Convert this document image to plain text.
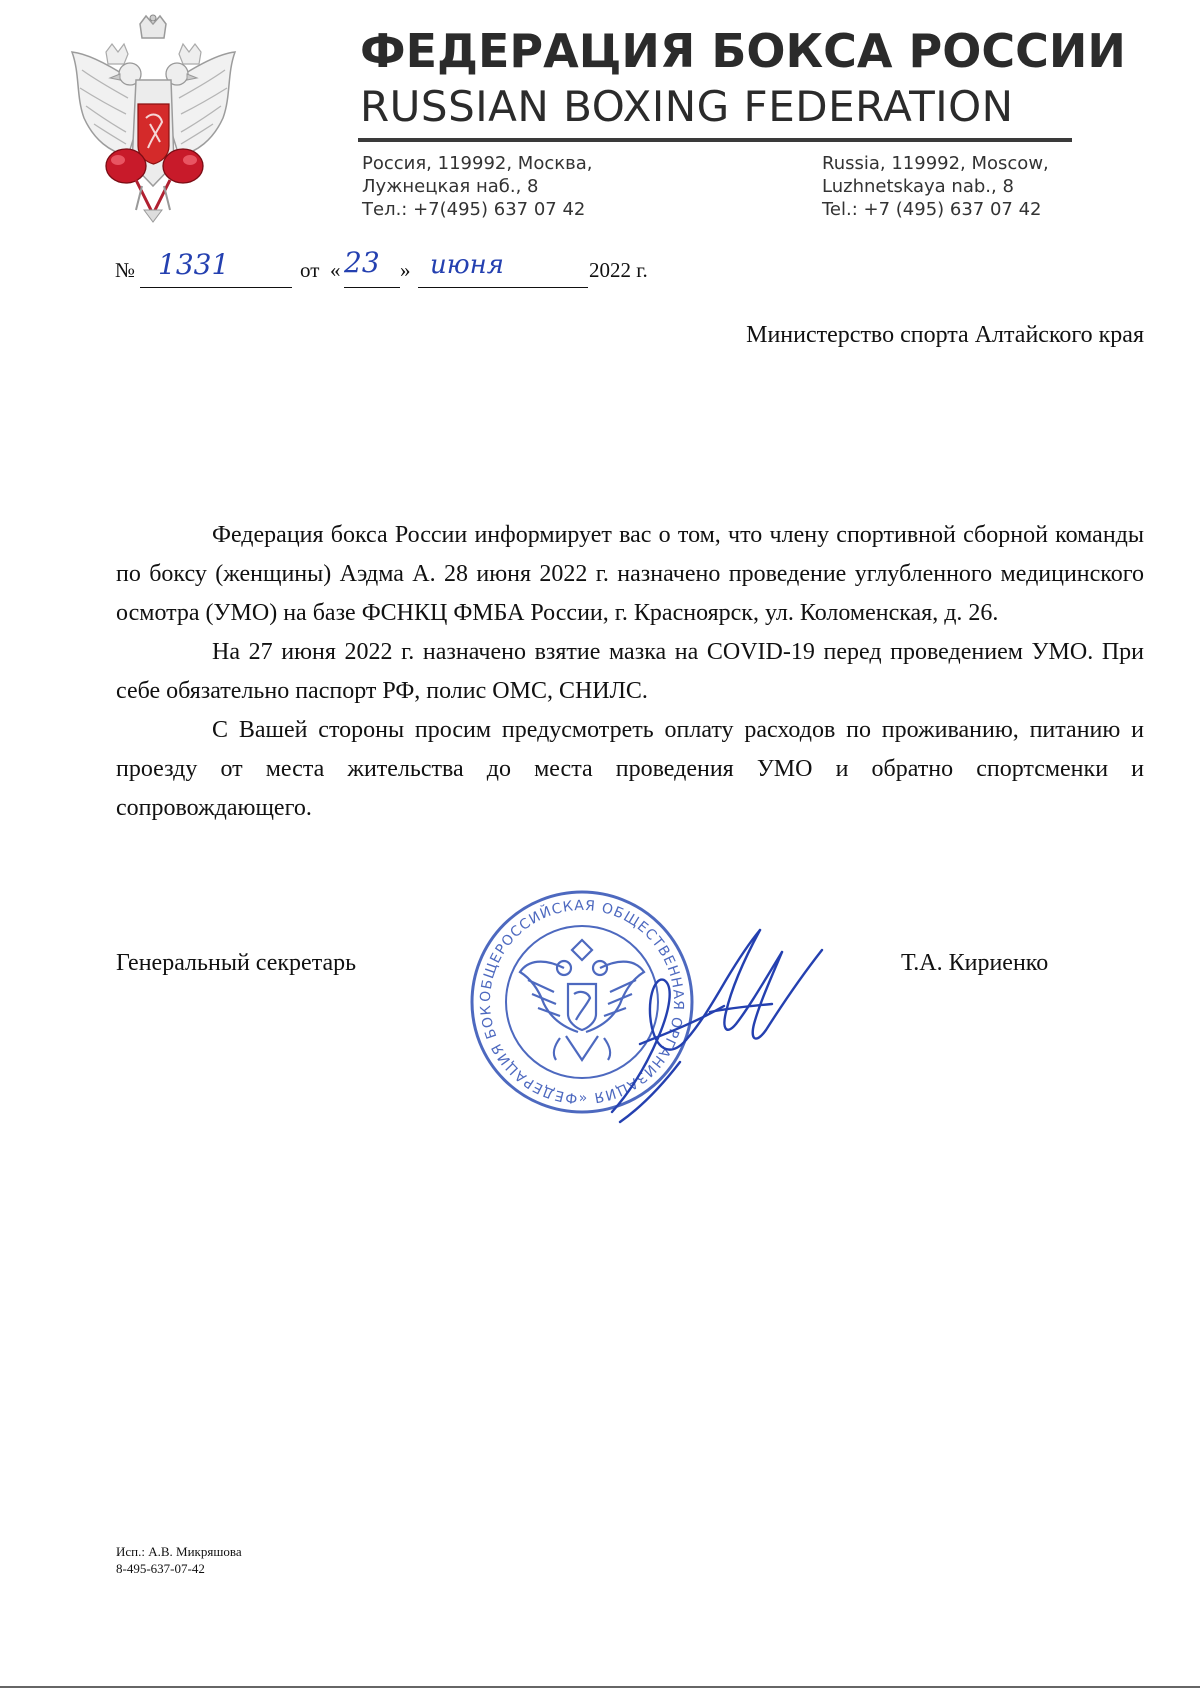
ФЕДЕРАЦИЯ БОКСА РОССИИ
RUSSIAN BOXING FEDERATION
Россия, 119992, Москва,
Лужнецкая наб., 8
Тел.: +7(495) 637 07 42
Russia, 119992, Moscow,
Luzhnetskaya nab., 8
Tel.: +7 (495) 637 07 42
№ 1331	от « 23 » июня	2022 г.
Министерство спорта Алтайского края

Федерация бокса России информирует вас о том, что члену спортивной сборной команды по боксу (женщины) Аэдма А. 28 июня 2022 г. назначено проведение углубленного медицинского осмотра (УМО) на базе ФСНКЦ ФМБА России, г. Красноярск, ул. Коломенская, д. 26.

На 27 июня 2022 г. назначено взятие мазка на COVID-19 перед проведением УМО. При себе обязательно паспорт РФ, полис ОМС, СНИЛС.

С Вашей стороны просим предусмотреть оплату расходов по проживанию, питанию и проезду от места жительства до места проведения УМО и обратно спортсменки и сопровождающего.

Генеральный секретарь
ОБЩЕРОССИЙСКАЯ ОБЩЕСТВЕННАЯ ОРГАНИЗАЦИЯ «ФЕДЕРАЦИЯ БОК
Т.А. Кириенко
Исп.: А.В. Микряшова
8-495-637-07-42
